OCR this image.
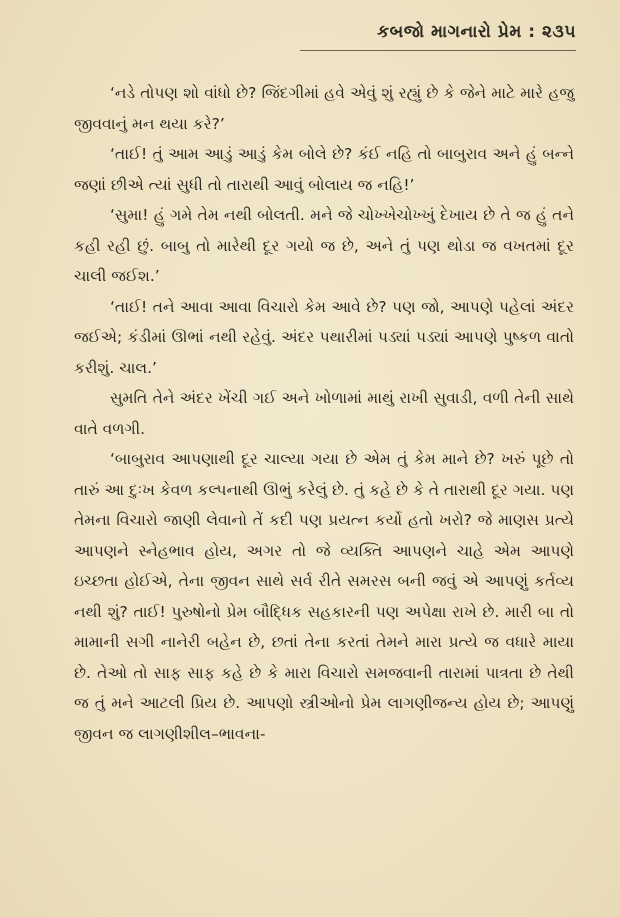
કબજો માગનારો પ્રેમ : ૨૩૫

‘નડે તોપણ શો વાંધો છે? જિંદગીમાં હવે એવું શું રહ્યું છે કે જેને માટે મારે હજુ જીવવાનું મન થયા કરે?’

‘તાઈ! તું આમ આડું આડું કેમ બોલે છે? કંઈ નહિ તો બાબુરાવ અને હું બન્ને જણાં છીએ ત્યાં સુધી તો તારાથી આવું બોલાય જ નહિ!’

‘સુમા! હું ગમે તેમ નથી બોલતી. મને જે ચોખ્ખેચોખ્ખું દેખાય છે તે જ હું તને કહી રહી છું. બાબુ તો મારેથી દૂર ગયો જ છે, અને તું પણ થોડા જ વખતમાં દૂર ચાલી જઈશ.’

‘તાઈ! તને આવા આવા વિચારો કેમ આવે છે? પણ જો, આપણે પહેલાં અંદર જઈએ; કંડીમાં ઊભાં નથી રહેવું. અંદર પથારીમાં પડ્યાં પડ્યાં આપણે પુષ્કળ વાતો કરીશું. ચાલ.’

સુમતિ તેને અંદર ખેંચી ગઈ અને ખોળામાં માથું રાખી સુવાડી, વળી તેની સાથે વાતે વળગી.

‘બાબુરાવ આપણાથી દૂર ચાલ્યા ગયા છે એમ તું કેમ માને છે? ખરું પૂછે તો તારું આ દુઃખ કેવળ કલ્પનાથી ઊભું કરેલું છે. તું કહે છે કે તે તારાથી દૂર ગયા. પણ તેમના વિચારો જાણી લેવાનો તેં કદી પણ પ્રયત્ન કર્યો હતો ખરો? જે માણસ પ્રત્યે આપણને સ્નેહભાવ હોય, અગર તો જે વ્યક્તિ આપણને ચાહે એમ આપણે ઇચ્છતા હોઈએ, તેના જીવન સાથે સર્વ રીતે સમરસ બની જવું એ આપણું કર્તવ્ય નથી શું? તાઈ! પુરુષોનો પ્રેમ બૌદ્ધિક સહકારની પણ અપેક્ષા રાખે છે. મારી બા તો મામાની સગી નાનેરી બહેન છે, છતાં તેના કરતાં તેમને મારા પ્રત્યે જ વધારે માયા છે. તેઓ તો સાફ સાફ કહે છે કે મારા વિચારો સમજવાની તારામાં પાત્રતા છે તેથી જ તું મને આટલી પ્રિય છે. આપણો સ્ત્રીઓનો પ્રેમ લાગણીજન્ય હોય છે; આપણું જીવન જ લાગણીશીલ–ભાવના-
